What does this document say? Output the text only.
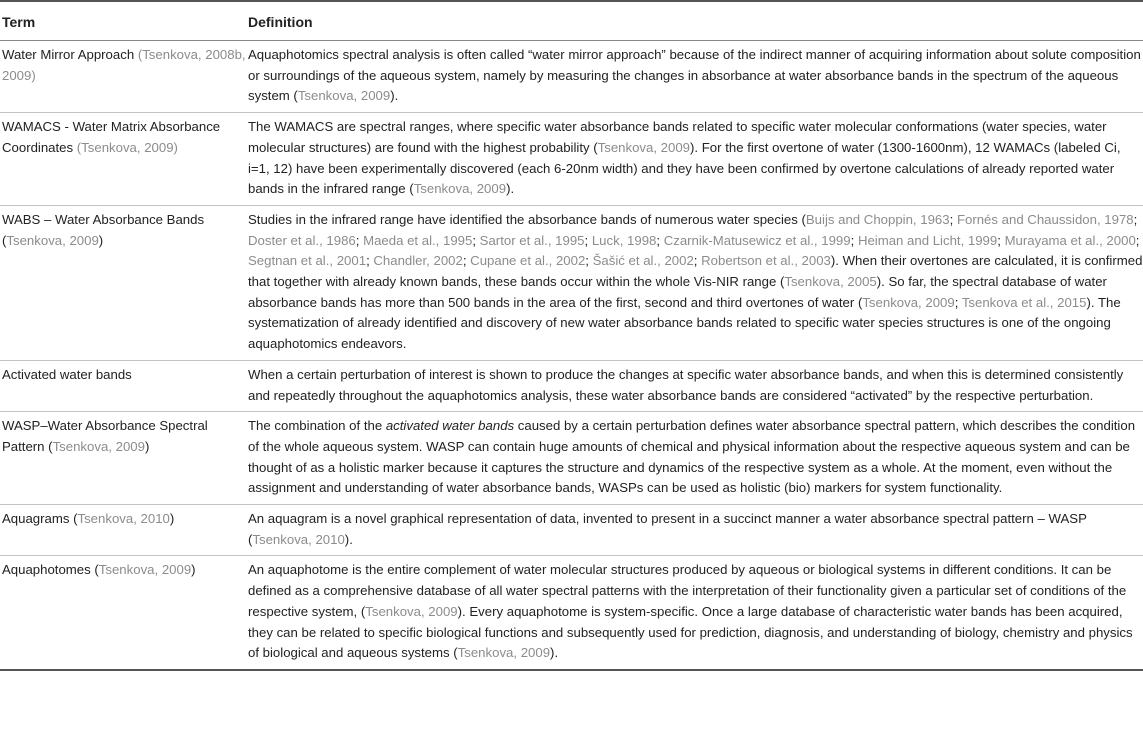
Term	Definition
Water Mirror Approach (Tsenkova, 2008b, 2009)	Aquaphotomics spectral analysis is often called “water mirror approach” because of the indirect manner of acquiring information about solute composition or surroundings of the aqueous system, namely by measuring the changes in absorbance at water absorbance bands in the spectrum of the aqueous system (Tsenkova, 2009).
WAMACS - Water Matrix Absorbance Coordinates (Tsenkova, 2009)	The WAMACS are spectral ranges, where specific water absorbance bands related to specific water molecular conformations (water species, water molecular structures) are found with the highest probability (Tsenkova, 2009). For the first overtone of water (1300-1600nm), 12 WAMACs (labeled Ci, i=1, 12) have been experimentally discovered (each 6-20nm width) and they have been confirmed by overtone calculations of already reported water bands in the infrared range (Tsenkova, 2009).
WABS – Water Absorbance Bands (Tsenkova, 2009)	Studies in the infrared range have identified the absorbance bands of numerous water species (Buijs and Choppin, 1963; Fornés and Chaussidon, 1978; Doster et al., 1986; Maeda et al., 1995; Sartor et al., 1995; Luck, 1998; Czarnik-Matusewicz et al., 1999; Heiman and Licht, 1999; Murayama et al., 2000; Segtnan et al., 2001; Chandler, 2002; Cupane et al., 2002; Šašić et al., 2002; Robertson et al., 2003). When their overtones are calculated, it is confirmed that together with already known bands, these bands occur within the whole Vis-NIR range (Tsenkova, 2005). So far, the spectral database of water absorbance bands has more than 500 bands in the area of the first, second and third overtones of water (Tsenkova, 2009; Tsenkova et al., 2015). The systematization of already identified and discovery of new water absorbance bands related to specific water species structures is one of the ongoing aquaphotomics endeavors.
Activated water bands	When a certain perturbation of interest is shown to produce the changes at specific water absorbance bands, and when this is determined consistently and repeatedly throughout the aquaphotomics analysis, these water absorbance bands are considered “activated” by the respective perturbation.
WASP–Water Absorbance Spectral Pattern (Tsenkova, 2009)	The combination of the activated water bands caused by a certain perturbation defines water absorbance spectral pattern, which describes the condition of the whole aqueous system. WASP can contain huge amounts of chemical and physical information about the respective aqueous system and can be thought of as a holistic marker because it captures the structure and dynamics of the respective system as a whole. At the moment, even without the assignment and understanding of water absorbance bands, WASPs can be used as holistic (bio) markers for system functionality.
Aquagrams (Tsenkova, 2010)	An aquagram is a novel graphical representation of data, invented to present in a succinct manner a water absorbance spectral pattern – WASP (Tsenkova, 2010).
Aquaphotomes (Tsenkova, 2009)	An aquaphotome is the entire complement of water molecular structures produced by aqueous or biological systems in different conditions. It can be defined as a comprehensive database of all water spectral patterns with the interpretation of their functionality given a particular set of conditions of the respective system, (Tsenkova, 2009). Every aquaphotome is system-specific. Once a large database of characteristic water bands has been acquired, they can be related to specific biological functions and subsequently used for prediction, diagnosis, and understanding of biology, chemistry and physics of biological and aqueous systems (Tsenkova, 2009).
